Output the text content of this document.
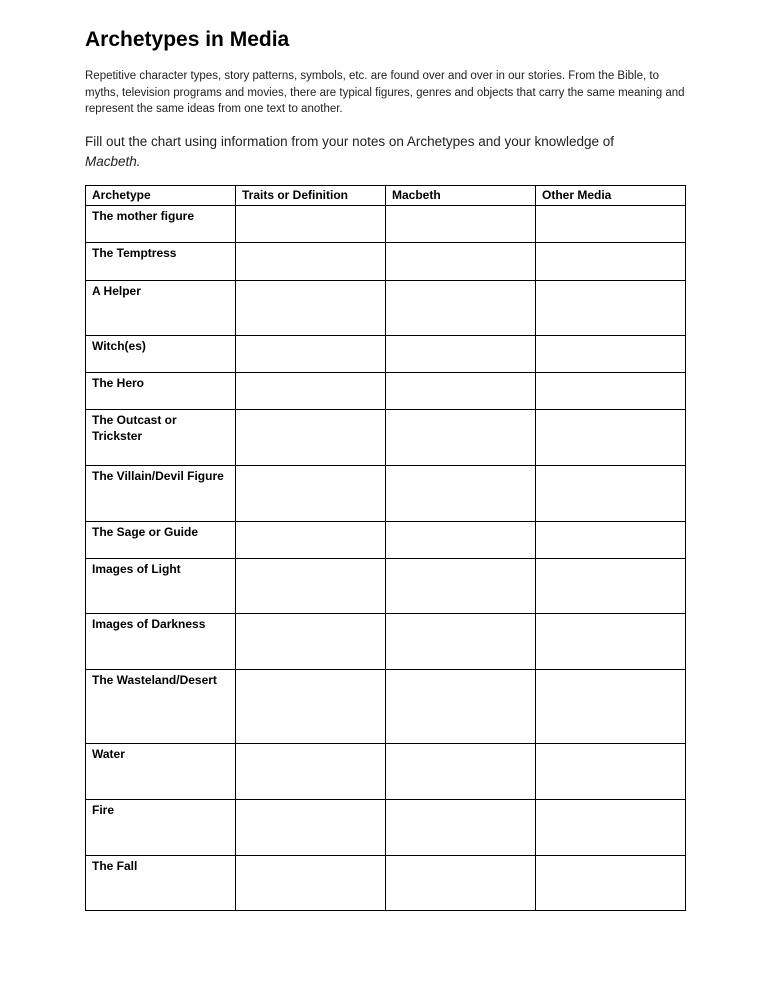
Archetypes in Media

Repetitive character types, story patterns, symbols, etc. are found over and over in our stories. From the Bible, to myths, television programs and movies, there are typical figures, genres and objects that carry the same meaning and represent the same ideas from one text to another.

Fill out the chart using information from your notes on Archetypes and your knowledge of
Macbeth.

Archetype	Traits or Definition	Macbeth	Other Media
The mother figure			
The Temptress			
A Helper			
Witch(es)			
The Hero			
The Outcast or Trickster			
The Villain/Devil Figure			
The Sage or Guide			
Images of Light			
Images of Darkness			
The Wasteland/Desert			
Water			
Fire			
The Fall			
